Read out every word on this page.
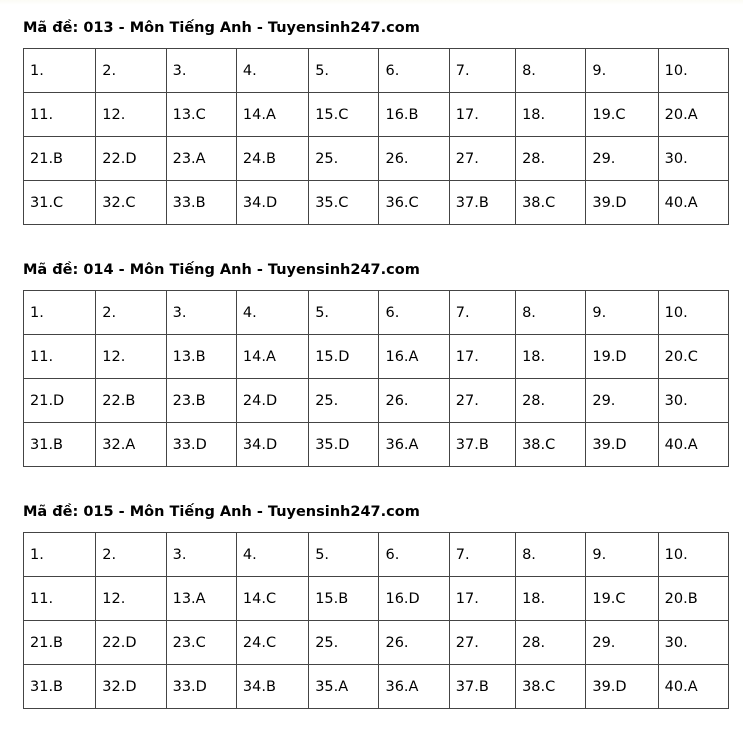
Mã đề: 013 - Môn Tiếng Anh - Tuyensinh247.com
1.	2.	3.	4.	5.	6.	7.	8.	9.	10.
11.	12.	13.C	14.A	15.C	16.B	17.	18.	19.C	20.A
21.B	22.D	23.A	24.B	25.	26.	27.	28.	29.	30.
31.C	32.C	33.B	34.D	35.C	36.C	37.B	38.C	39.D	40.A
Mã đề: 014 - Môn Tiếng Anh - Tuyensinh247.com
1.	2.	3.	4.	5.	6.	7.	8.	9.	10.
11.	12.	13.B	14.A	15.D	16.A	17.	18.	19.D	20.C
21.D	22.B	23.B	24.D	25.	26.	27.	28.	29.	30.
31.B	32.A	33.D	34.D	35.D	36.A	37.B	38.C	39.D	40.A
Mã đề: 015 - Môn Tiếng Anh - Tuyensinh247.com
1.	2.	3.	4.	5.	6.	7.	8.	9.	10.
11.	12.	13.A	14.C	15.B	16.D	17.	18.	19.C	20.B
21.B	22.D	23.C	24.C	25.	26.	27.	28.	29.	30.
31.B	32.D	33.D	34.B	35.A	36.A	37.B	38.C	39.D	40.A
